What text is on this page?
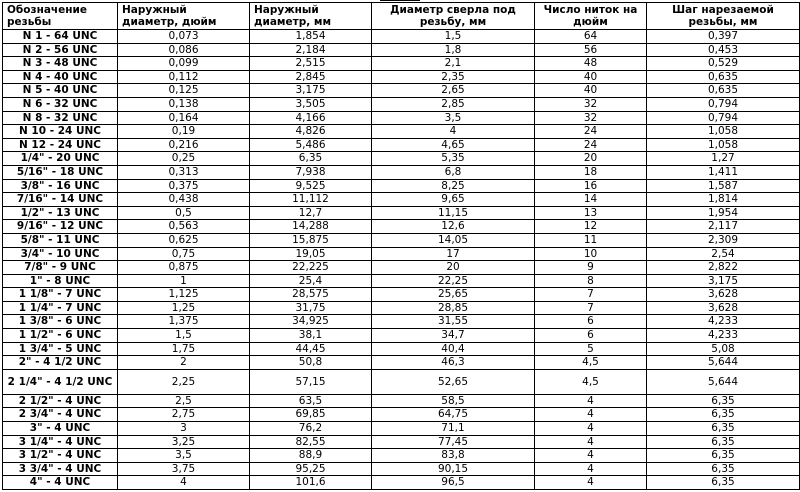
Обозначение резьбы	Наружный диаметр, дюйм	Наружный диаметр, мм	Диаметр сверла под резьбу, мм	Число ниток на дюйм	Шаг нарезаемой резьбы, мм
N 1 - 64 UNC	0,073	1,854	1,5	64	0,397
N 2 - 56 UNC	0,086	2,184	1,8	56	0,453
N 3 - 48 UNC	0,099	2,515	2,1	48	0,529
N 4 - 40 UNC	0,112	2,845	2,35	40	0,635
N 5 - 40 UNC	0,125	3,175	2,65	40	0,635
N 6 - 32 UNC	0,138	3,505	2,85	32	0,794
N 8 - 32 UNC	0,164	4,166	3,5	32	0,794
N 10 - 24 UNC	0,19	4,826	4	24	1,058
N 12 - 24 UNC	0,216	5,486	4,65	24	1,058
1/4" - 20 UNC	0,25	6,35	5,35	20	1,27
5/16" - 18 UNC	0,313	7,938	6,8	18	1,411
3/8" - 16 UNC	0,375	9,525	8,25	16	1,587
7/16" - 14 UNC	0,438	11,112	9,65	14	1,814
1/2" - 13 UNC	0,5	12,7	11,15	13	1,954
9/16" - 12 UNC	0,563	14,288	12,6	12	2,117
5/8" - 11 UNC	0,625	15,875	14,05	11	2,309
3/4" - 10 UNC	0,75	19,05	17	10	2,54
7/8" - 9 UNC	0,875	22,225	20	9	2,822
1" - 8 UNC	1	25,4	22,25	8	3,175
1 1/8" - 7 UNC	1,125	28,575	25,65	7	3,628
1 1/4" - 7 UNC	1,25	31,75	28,85	7	3,628
1 3/8" - 6 UNC	1,375	34,925	31,55	6	4,233
1 1/2" - 6 UNC	1,5	38,1	34,7	6	4,233
1 3/4" - 5 UNC	1,75	44,45	40,4	5	5,08
2" - 4 1/2 UNC	2	50,8	46,3	4,5	5,644
2 1/4" - 4 1/2 UNC	2,25	57,15	52,65	4,5	5,644
2 1/2" - 4 UNC	2,5	63,5	58,5	4	6,35
2 3/4" - 4 UNC	2,75	69,85	64,75	4	6,35
3" - 4 UNC	3	76,2	71,1	4	6,35
3 1/4" - 4 UNC	3,25	82,55	77,45	4	6,35
3 1/2" - 4 UNC	3,5	88,9	83,8	4	6,35
3 3/4" - 4 UNC	3,75	95,25	90,15	4	6,35
4" - 4 UNC	4	101,6	96,5	4	6,35
